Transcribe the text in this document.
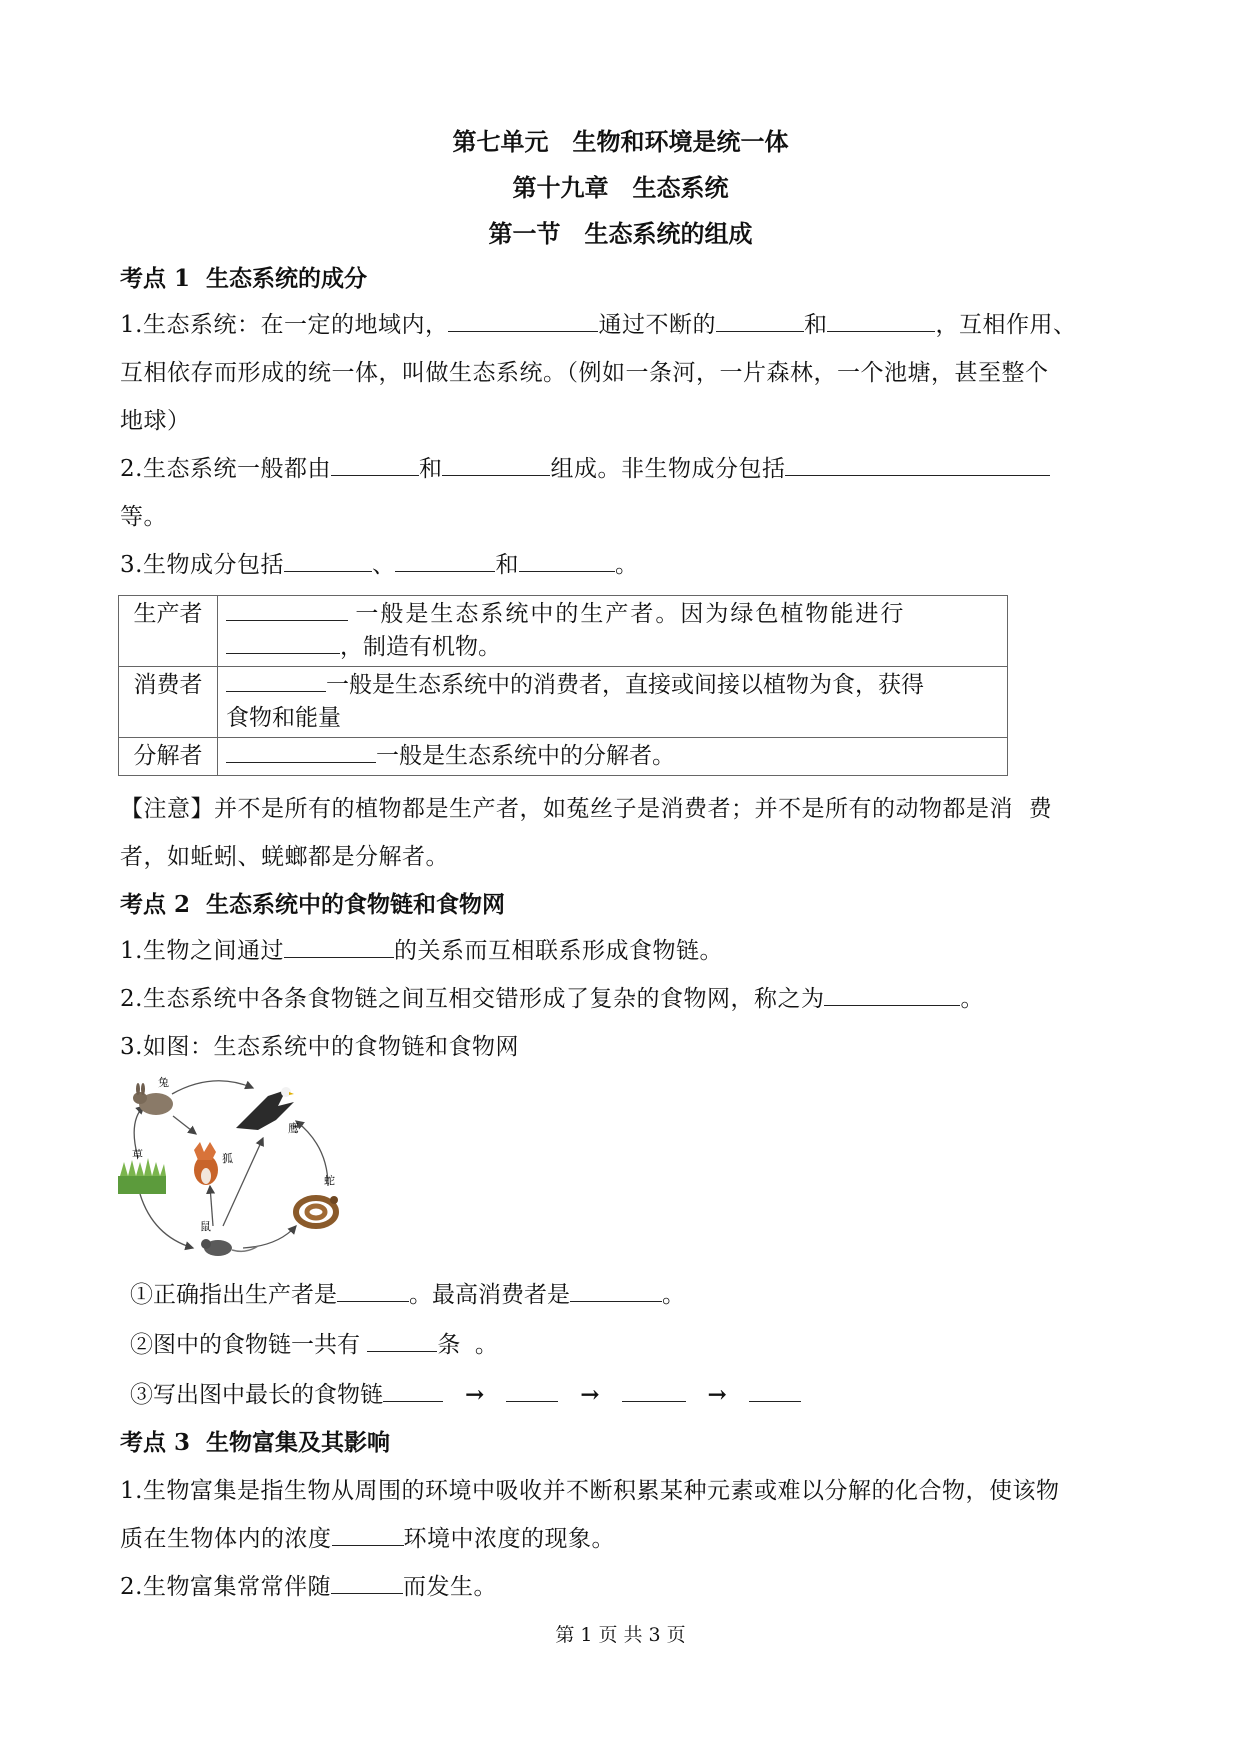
第七单元　生物和环境是统一体
第十九章　生态系统
第一节　生态系统的组成
考点 1  生态系统的成分
1.生态系统：在一定的地域内，	通过不断的	和	，互相作用、
互相依存而形成的统一体，叫做生态系统。（例如一条河，一片森林，一个池塘，甚至整个
地球）
2.生态系统一般都由	和	组成。非生物成分包括
等。
3.生物成分包括	、	和	。
生产者	一般是生态系统中的生产者。因为绿色植物能进行
，制造有机物。
消费者	一般是生态系统中的消费者，直接或间接以植物为食，获得
食物和能量
分解者	一般是生态系统中的分解者。
【注意】并不是所有的植物都是生产者，如菟丝子是消费者；并不是所有的动物都是消  费
者，如蚯蚓、蜣螂都是分解者。
考点 2  生态系统中的食物链和食物网
1.生物之间通过	的关系而互相联系形成食物链。
2.生态系统中各条食物链之间互相交错形成了复杂的食物网，称之为	。
3.如图：生态系统中的食物链和食物网
兔
鹰
草	狐
蛇
鼠
①正确指出生产者是	。最高消费者是	。
②图中的食物链一共有	条  。
③写出图中最长的食物链	→	→	→
考点 3  生物富集及其影响
1.生物富集是指生物从周围的环境中吸收并不断积累某种元素或难以分解的化合物，使该物
质在生物体内的浓度	环境中浓度的现象。
2.生物富集常常伴随	而发生。
第 1 页 共 3 页
